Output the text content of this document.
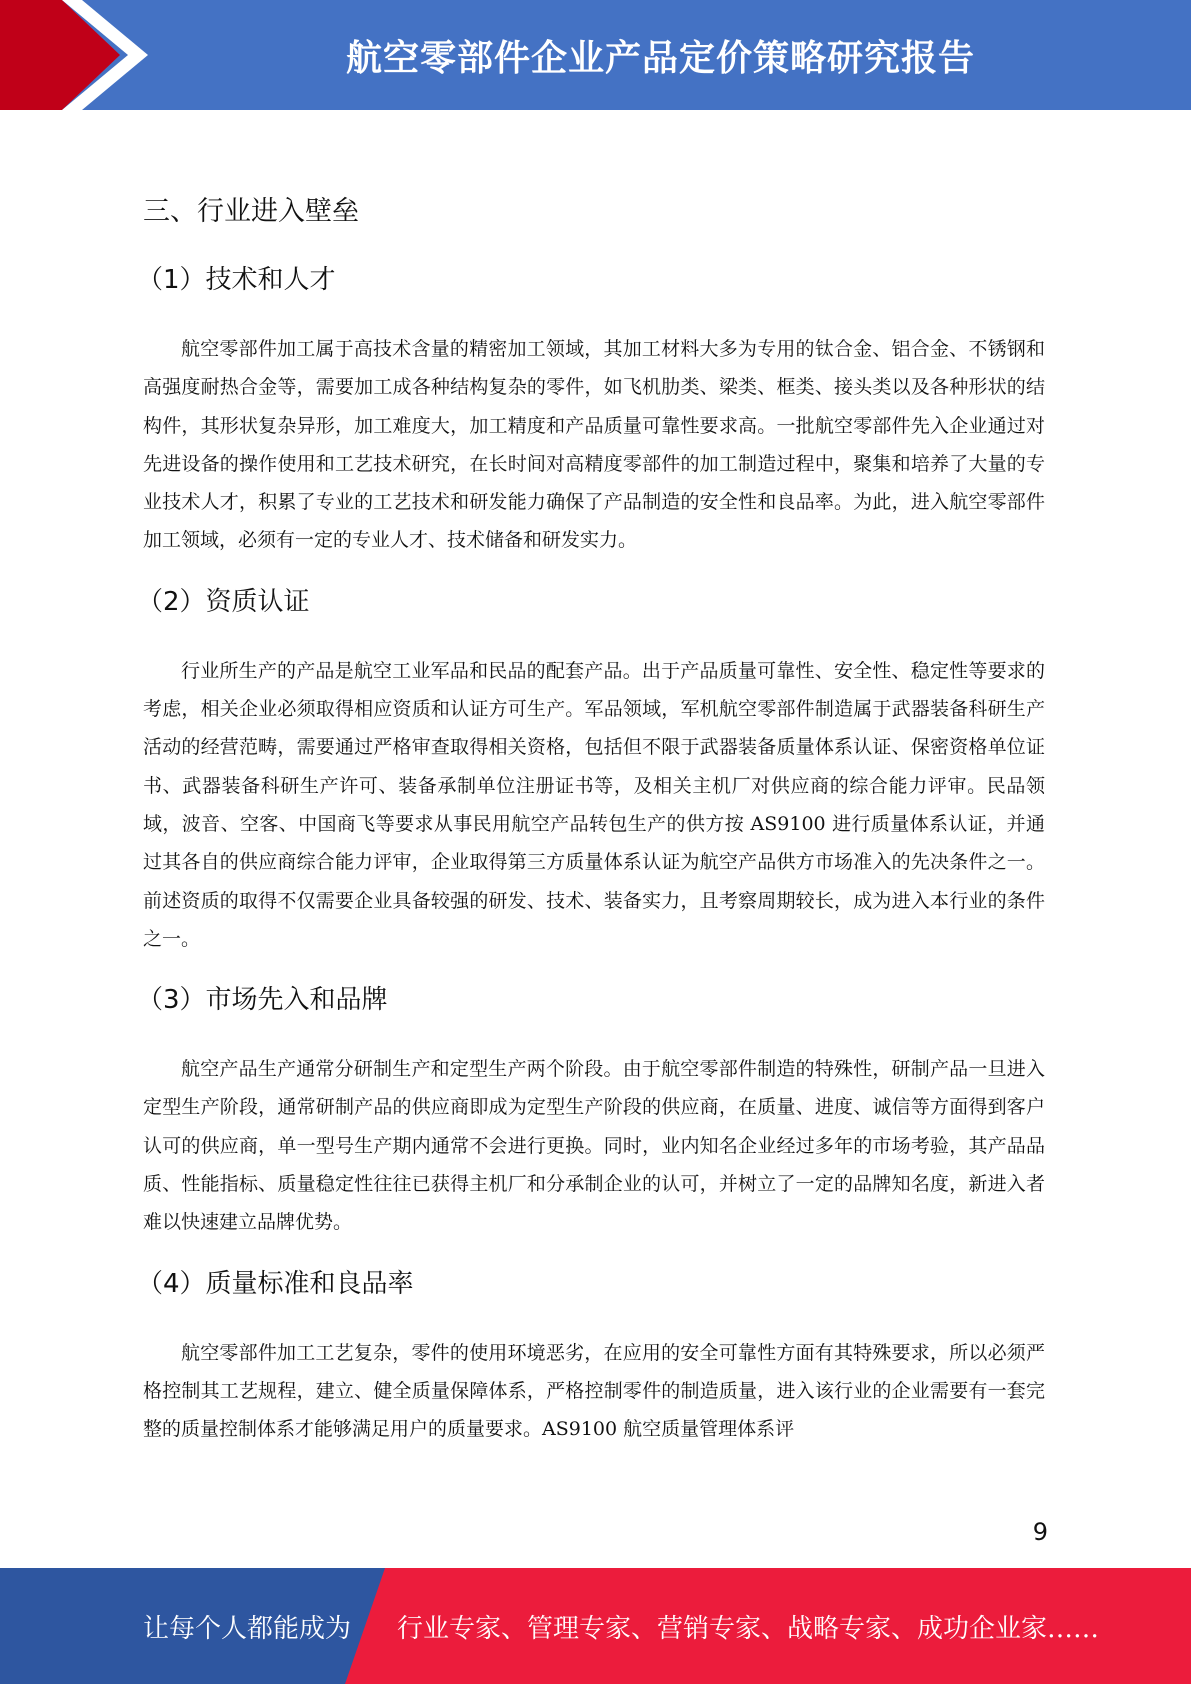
航空零部件企业产品定价策略研究报告
三、行业进入壁垒
（1）技术和人才

航空零部件加工属于高技术含量的精密加工领域，其加工材料大多为专用的钛合金、铝合金、不锈钢和高强度耐热合金等，需要加工成各种结构复杂的零件，如飞机肋类、梁类、框类、接头类以及各种形状的结构件，其形状复杂异形，加工难度大，加工精度和产品质量可靠性要求高。一批航空零部件先入企业通过对先进设备的操作使用和工艺技术研究，在长时间对高精度零部件的加工制造过程中，聚集和培养了大量的专业技术人才，积累了专业的工艺技术和研发能力确保了产品制造的安全性和良品率。为此，进入航空零部件加工领域，必须有一定的专业人才、技术储备和研发实力。

（2）资质认证

行业所生产的产品是航空工业军品和民品的配套产品。出于产品质量可靠性、安全性、稳定性等要求的考虑，相关企业必须取得相应资质和认证方可生产。军品领域，军机航空零部件制造属于武器装备科研生产活动的经营范畴，需要通过严格审查取得相关资格，包括但不限于武器装备质量体系认证、保密资格单位证书、武器装备科研生产许可、装备承制单位注册证书等，及相关主机厂对供应商的综合能力评审。民品领域，波音、空客、中国商飞等要求从事民用航空产品转包生产的供方按 AS9100 进行质量体系认证，并通过其各自的供应商综合能力评审，企业取得第三方质量体系认证为航空产品供方市场准入的先决条件之一。前述资质的取得不仅需要企业具备较强的研发、技术、装备实力，且考察周期较长，成为进入本行业的条件之一。

（3）市场先入和品牌

航空产品生产通常分研制生产和定型生产两个阶段。由于航空零部件制造的特殊性，研制产品一旦进入定型生产阶段，通常研制产品的供应商即成为定型生产阶段的供应商，在质量、进度、诚信等方面得到客户认可的供应商，单一型号生产期内通常不会进行更换。同时，业内知名企业经过多年的市场考验，其产品品质、性能指标、质量稳定性往往已获得主机厂和分承制企业的认可，并树立了一定的品牌知名度，新进入者难以快速建立品牌优势。

（4）质量标准和良品率

航空零部件加工工艺复杂，零件的使用环境恶劣，在应用的安全可靠性方面有其特殊要求，所以必须严格控制其工艺规程，建立、健全质量保障体系，严格控制零件的制造质量，进入该行业的企业需要有一套完整的质量控制体系才能够满足用户的质量要求。AS9100 航空质量管理体系评

9
让每个人都能成为 行业专家、管理专家、营销专家、战略专家、成功企业家……
